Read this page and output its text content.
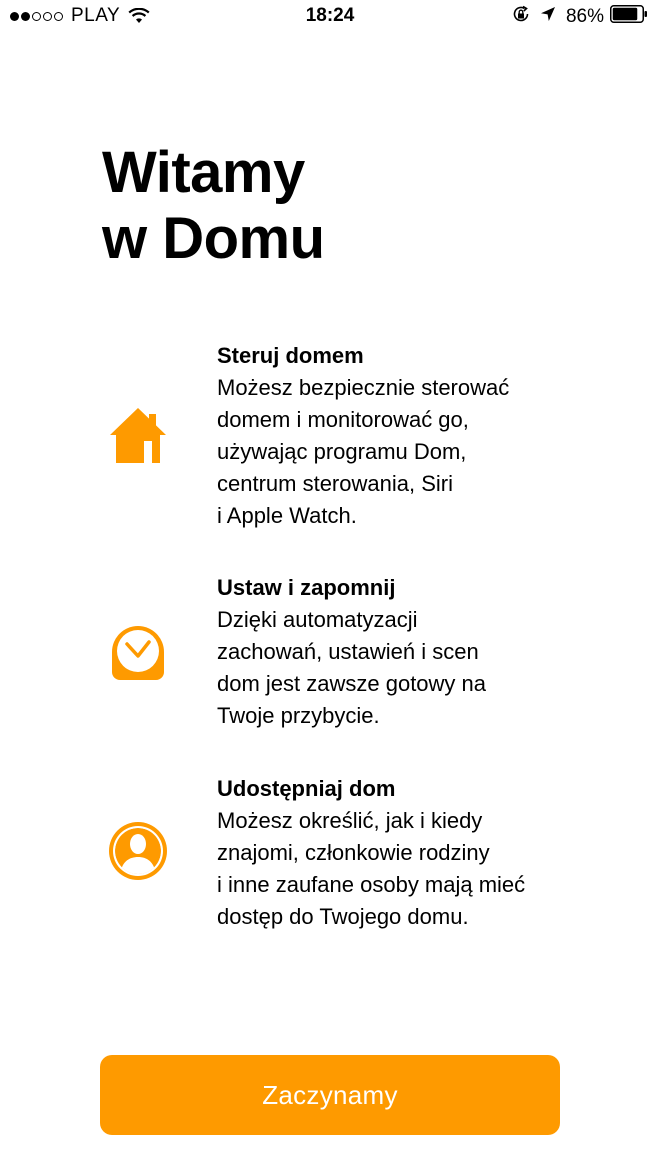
PLAY	18:24	86%
Witamy
w Domu
Steruj domem
Możesz bezpiecznie sterować
domem i monitorować go,
używając programu Dom,
centrum sterowania, Siri
i Apple Watch.
Ustaw i zapomnij
Dzięki automatyzacji
zachowań, ustawień i scen
dom jest zawsze gotowy na
Twoje przybycie.
Udostępniaj dom
Możesz określić, jak i kiedy
znajomi, członkowie rodziny
i inne zaufane osoby mają mieć
dostęp do Twojego domu.
Zaczynamy
